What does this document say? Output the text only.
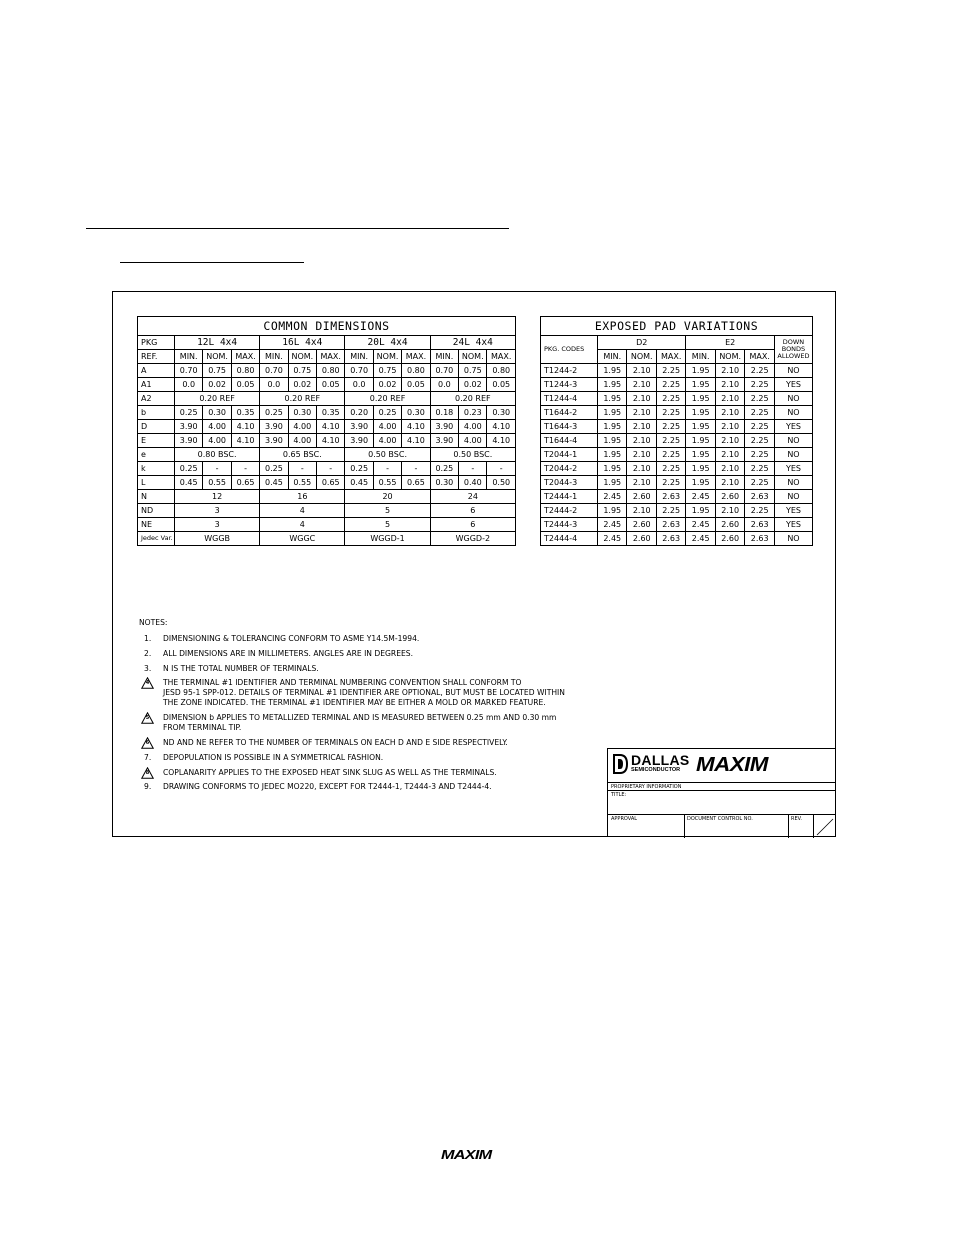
COMMON DIMENSIONS												
PKG	12L 4x4			16L 4x4			20L 4x4			24L 4x4		
REF.	MIN.	NOM.	MAX.	MIN.	NOM.	MAX.	MIN.	NOM.	MAX.	MIN.	NOM.	MAX.
A	0.70	0.75	0.80	0.70	0.75	0.80	0.70	0.75	0.80	0.70	0.75	0.80
A1	0.0	0.02	0.05	0.0	0.02	0.05	0.0	0.02	0.05	0.0	0.02	0.05
A2	0.20 REF			0.20 REF			0.20 REF			0.20 REF		
b	0.25	0.30	0.35	0.25	0.30	0.35	0.20	0.25	0.30	0.18	0.23	0.30
D	3.90	4.00	4.10	3.90	4.00	4.10	3.90	4.00	4.10	3.90	4.00	4.10
E	3.90	4.00	4.10	3.90	4.00	4.10	3.90	4.00	4.10	3.90	4.00	4.10
e	0.80 BSC.			0.65 BSC.			0.50 BSC.			0.50 BSC.		
k	0.25	-	-	0.25	-	-	0.25	-	-	0.25	-	-
L	0.45	0.55	0.65	0.45	0.55	0.65	0.45	0.55	0.65	0.30	0.40	0.50
N	12			16			20			24		
ND	3			4			5			6		
NE	3			4			5			6		
Jedec Var.	WGGB			WGGC			WGGD-1			WGGD-2		
EXPOSED PAD VARIATIONS							
PKG. CODES	D2			E2			DOWN BONDS ALLOWED
	MIN.	NOM.	MAX.	MIN.	NOM.	MAX.	
T1244-2	1.95	2.10	2.25	1.95	2.10	2.25	NO
T1244-3	1.95	2.10	2.25	1.95	2.10	2.25	YES
T1244-4	1.95	2.10	2.25	1.95	2.10	2.25	NO
T1644-2	1.95	2.10	2.25	1.95	2.10	2.25	NO
T1644-3	1.95	2.10	2.25	1.95	2.10	2.25	YES
T1644-4	1.95	2.10	2.25	1.95	2.10	2.25	NO
T2044-1	1.95	2.10	2.25	1.95	2.10	2.25	NO
T2044-2	1.95	2.10	2.25	1.95	2.10	2.25	YES
T2044-3	1.95	2.10	2.25	1.95	2.10	2.25	NO
T2444-1	2.45	2.60	2.63	2.45	2.60	2.63	NO
T2444-2	1.95	2.10	2.25	1.95	2.10	2.25	YES
T2444-3	2.45	2.60	2.63	2.45	2.60	2.63	YES
T2444-4	2.45	2.60	2.63	2.45	2.60	2.63	NO
NOTES:
1. DIMENSIONING & TOLERANCING CONFORM TO ASME Y14.5M-1994.
2. ALL DIMENSIONS ARE IN MILLIMETERS. ANGLES ARE IN DEGREES.
3. N IS THE TOTAL NUMBER OF TERMINALS.
4	THE TERMINAL #1 IDENTIFIER AND TERMINAL NUMBERING CONVENTION SHALL CONFORM TO
JESD 95-1 SPP-012. DETAILS OF TERMINAL #1 IDENTIFIER ARE OPTIONAL, BUT MUST BE LOCATED WITHIN
THE ZONE INDICATED. THE TERMINAL #1 IDENTIFIER MAY BE EITHER A MOLD OR MARKED FEATURE.
5	DIMENSION b APPLIES TO METALLIZED TERMINAL AND IS MEASURED BETWEEN 0.25 mm AND 0.30 mm
FROM TERMINAL TIP.
6	ND AND NE REFER TO THE NUMBER OF TERMINALS ON EACH D AND E SIDE RESPECTIVELY.
7. DEPOPULATION IS POSSIBLE IN A SYMMETRICAL FASHION.
8	COPLANARITY APPLIES TO THE EXPOSED HEAT SINK SLUG AS WELL AS THE TERMINALS.
9. DRAWING CONFORMS TO JEDEC MO220, EXCEPT FOR T2444-1, T2444-3 AND T2444-4.
DALLAS
SEMICONDUCTOR MAXIM
PROPRIETARY INFORMATION
TITLE:
APPROVAL	DOCUMENT CONTROL NO.	REV.
MAXIM
